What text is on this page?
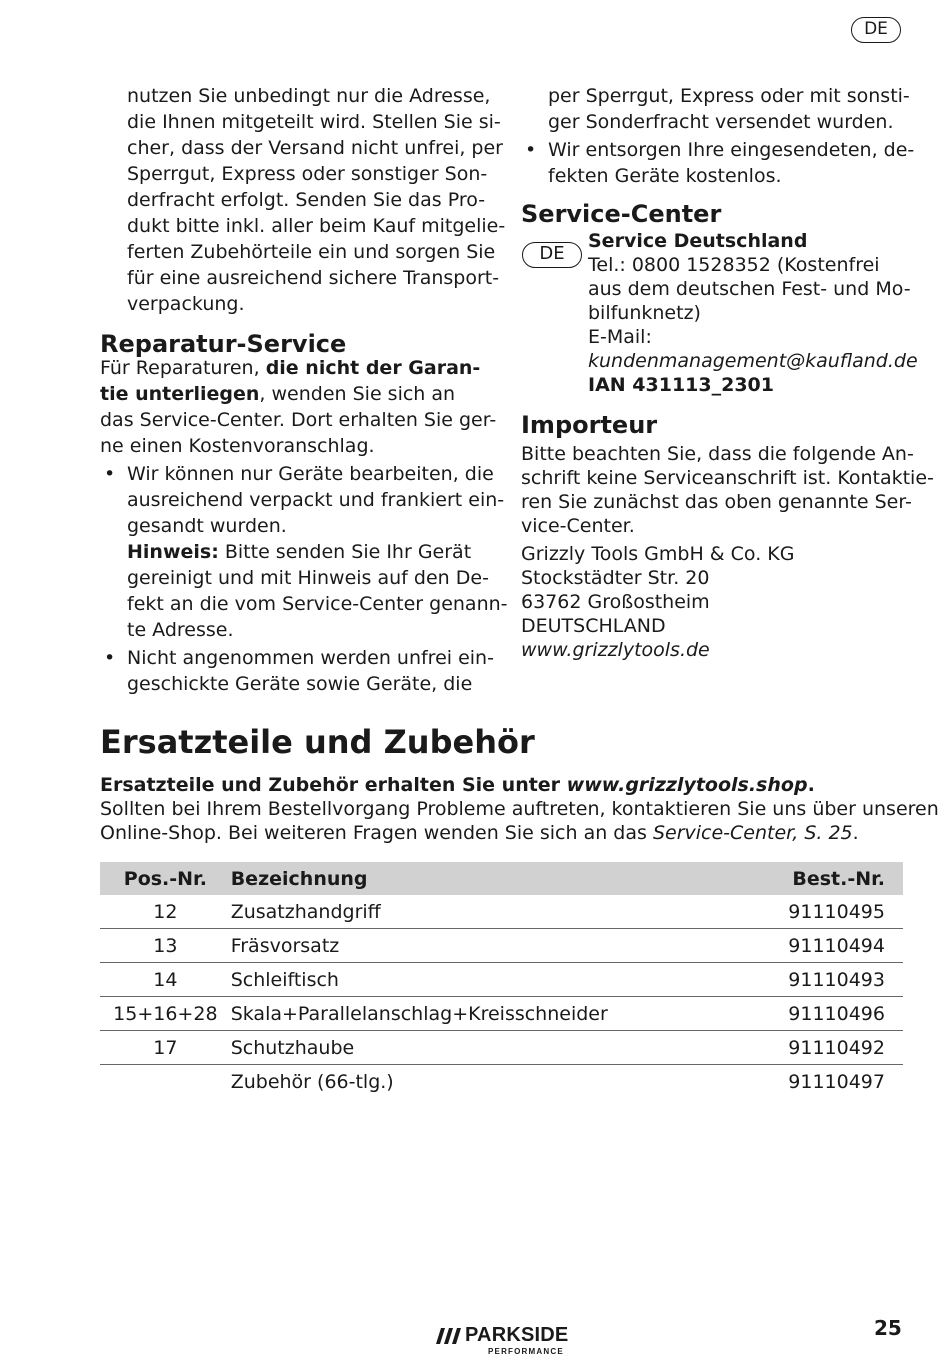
DE
nutzen Sie unbedingt nur die Adresse,
die Ihnen mitgeteilt wird. Stellen Sie si-
cher, dass der Versand nicht unfrei, per
Sperrgut, Express oder sonstiger Son-
derfracht erfolgt. Senden Sie das Pro-
dukt bitte inkl. aller beim Kauf mitgelie-
ferten Zubehörteile ein und sorgen Sie
für eine ausreichend sichere Transport-
verpackung.
Reparatur-Service
Für Reparaturen, die nicht der Garan-
tie unterliegen, wenden Sie sich an
das Service-Center. Dort erhalten Sie ger-
ne einen Kostenvoranschlag.
• Wir können nur Geräte bearbeiten, die
ausreichend verpackt und frankiert ein-
gesandt wurden.
Hinweis: Bitte senden Sie Ihr Gerät
gereinigt und mit Hinweis auf den De-
fekt an die vom Service-Center genann-
te Adresse.
• Nicht angenommen werden unfrei ein-
geschickte Geräte sowie Geräte, die
per Sperrgut, Express oder mit sonsti-
ger Sonderfracht versendet wurden.
• Wir entsorgen Ihre eingesendeten, de-
fekten Geräte kostenlos.
Service-Center
DE
Service Deutschland
Tel.: 0800 1528352 (Kostenfrei
aus dem deutschen Fest- und Mo-
bilfunknetz)
E-Mail:
kundenmanagement@kaufland.de
IAN 431113_2301
Importeur
Bitte beachten Sie, dass die folgende An-
schrift keine Serviceanschrift ist. Kontaktie-
ren Sie zunächst das oben genannte Ser-
vice-Center.
Grizzly Tools GmbH & Co. KG
Stockstädter Str. 20
63762 Großostheim
DEUTSCHLAND
www.grizzlytools.de
Ersatzteile und Zubehör
Ersatzteile und Zubehör erhalten Sie unter www.grizzlytools.shop.
Sollten bei Ihrem Bestellvorgang Probleme auftreten, kontaktieren Sie uns über unseren
Online-Shop. Bei weiteren Fragen wenden Sie sich an das Service-Center, S. 25.
Pos.-Nr.	Bezeichnung	Best.-Nr.
12	Zusatzhandgriff	91110495
13	Fräsvorsatz	91110494
14	Schleiftisch	91110493
15+16+28	Skala+Parallelanschlag+Kreisschneider	91110496
17	Schutzhaube	91110492
	Zubehör (66-tlg.)	91110497
PARKSIDE
PERFORMANCE
25
